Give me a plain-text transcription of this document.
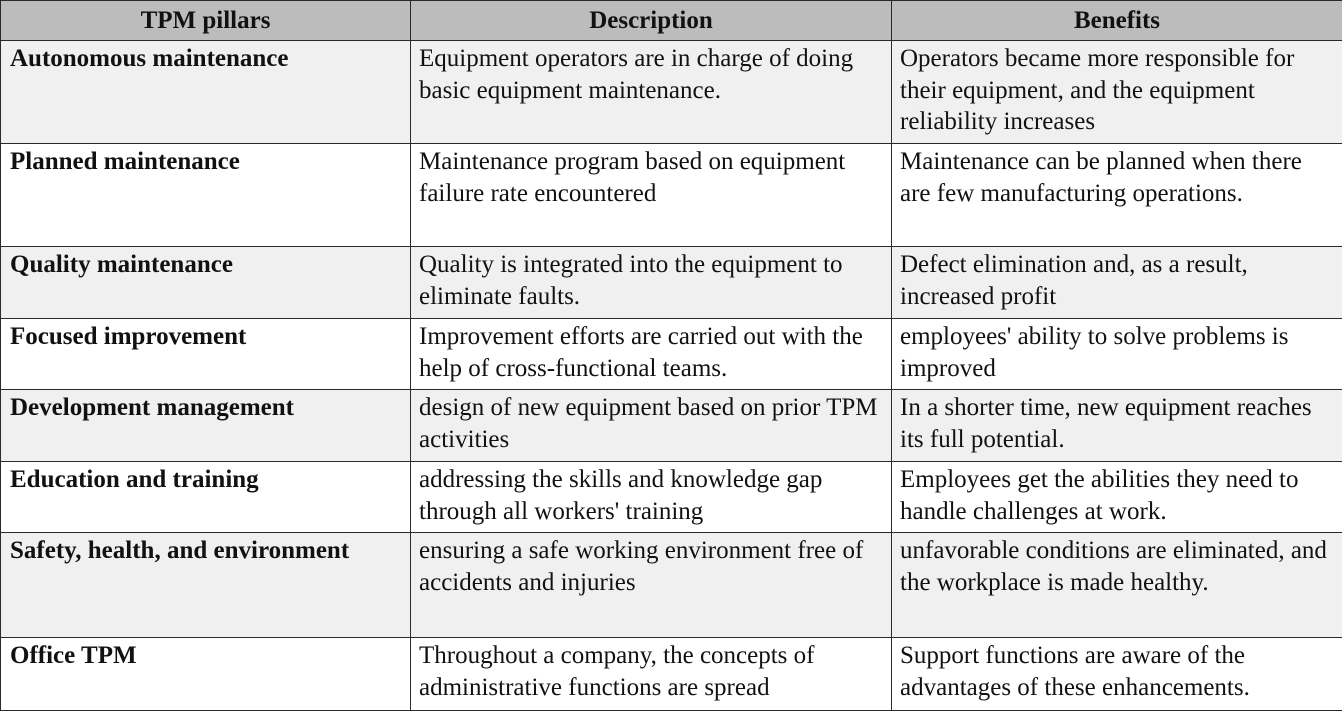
TPM pillars	Description	Benefits
Autonomous maintenance	Equipment operators are in charge of doing basic equipment maintenance.	Operators became more responsible for their equipment, and the equipment reliability increases
Planned maintenance	Maintenance program based on equipment failure rate encountered	Maintenance can be planned when there are few manufacturing operations.
Quality maintenance	Quality is integrated into the equipment to eliminate faults.	Defect elimination and, as a result, increased profit
Focused improvement	Improvement efforts are carried out with the help of cross-functional teams.	employees' ability to solve problems is improved
Development management	design of new equipment based on prior TPM activities	In a shorter time, new equipment reaches its full potential.
Education and training	addressing the skills and knowledge gap through all workers' training	Employees get the abilities they need to handle challenges at work.
Safety, health, and environment	ensuring a safe working environment free of accidents and injuries	unfavorable conditions are eliminated, and the workplace is made healthy.
Office TPM	Throughout a company, the concepts of administrative functions are spread	Support functions are aware of the advantages of these enhancements.
